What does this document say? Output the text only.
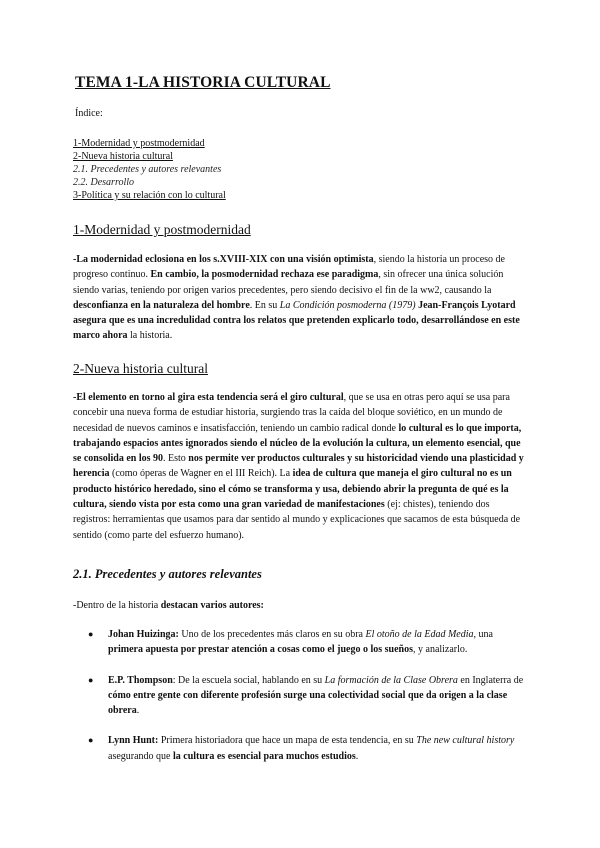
TEMA 1-LA HISTORIA CULTURAL
Índice:
1-Modernidad y postmodernidad
2-Nueva historia cultural
2.1. Precedentes y autores relevantes
2.2. Desarrollo
3-Política y su relación con lo cultural
1-Modernidad y postmodernidad
-La modernidad eclosiona en los s.XVIII-XIX con una visión optimista, siendo la historia un proceso de progreso continuo. En cambio, la posmodernidad rechaza ese paradigma, sin ofrecer una única solución siendo varias, teniendo por origen varios precedentes, pero siendo decisivo el fin de la ww2, causando la desconfianza en la naturaleza del hombre. En su La Condición posmoderna (1979) Jean-François Lyotard asegura que es una incredulidad contra los relatos que pretenden explicarlo todo, desarrollándose en este marco ahora la historia.
2-Nueva historia cultural
-El elemento en torno al gira esta tendencia será el giro cultural, que se usa en otras pero aquí se usa para concebir una nueva forma de estudiar historia, surgiendo tras la caída del bloque soviético, en un mundo de necesidad de nuevos caminos e insatisfacción, teniendo un cambio radical donde lo cultural es lo que importa, trabajando espacios antes ignorados siendo el núcleo de la evolución la cultura, un elemento esencial, que se consolida en los 90. Esto nos permite ver productos culturales y su historicidad viendo una plasticidad y herencia (como óperas de Wagner en el III Reich). La idea de cultura que maneja el giro cultural no es un producto histórico heredado, sino el cómo se transforma y usa, debiendo abrir la pregunta de qué es la cultura, siendo vista por esta como una gran variedad de manifestaciones (ej: chistes), teniendo dos registros: herramientas que usamos para dar sentido al mundo y explicaciones que sacamos de esta búsqueda de sentido (como parte del esfuerzo humano).
2.1. Precedentes y autores relevantes
-Dentro de la historia destacan varios autores:
● Johan Huizinga: Uno de los precedentes más claros en su obra El otoño de la Edad Media, una primera apuesta por prestar atención a cosas como el juego o los sueños, y analizarlo.
● E.P. Thompson: De la escuela social, hablando en su La formación de la Clase Obrera en Inglaterra de cómo entre gente con diferente profesión surge una colectividad social que da origen a la clase obrera.
● Lynn Hunt: Primera historiadora que hace un mapa de esta tendencia, en su The new cultural history asegurando que la cultura es esencial para muchos estudios.
